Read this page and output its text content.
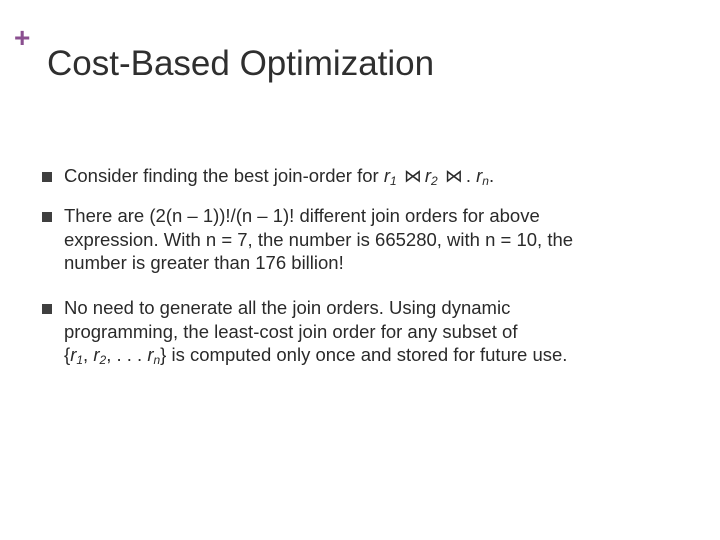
+
Cost-Based Optimization
Consider finding the best join-order for $r_1$ ⋈ $r_2$ ⋈ . $r_n$.
There are (2(n – 1))!/(n – 1)! different join orders for above
expression. With n = 7, the number is 665280, with n = 10, the
number is greater than 176 billion!
No need to generate all the join orders. Using dynamic
programming, the least-cost join order for any subset of
{$r_1$, $r_2$, . . . $r_n$} is computed only once and stored for future use.
